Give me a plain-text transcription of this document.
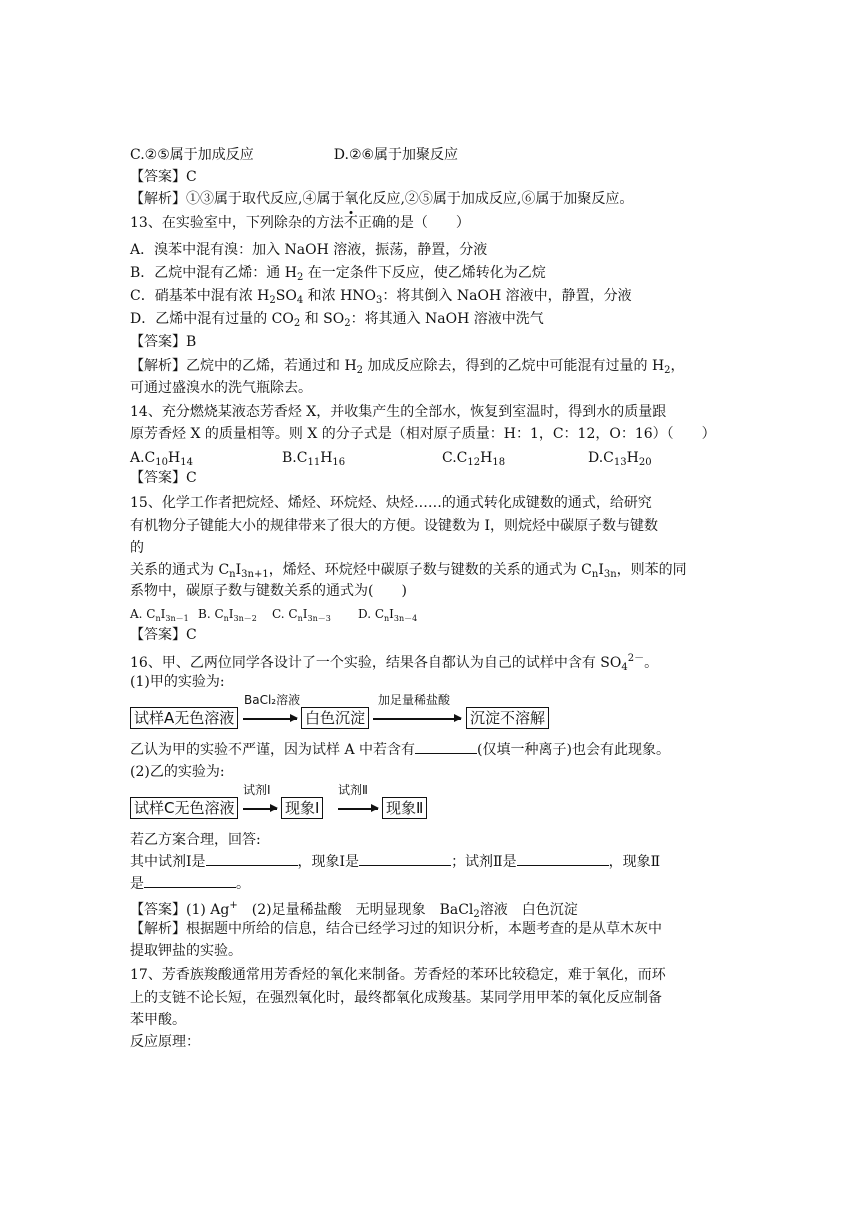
C.②⑤属于加成反应	D.②⑥属于加聚反应
【答案】C
【解析】①③属于取代反应,④属于氧化反应,②⑤属于加成反应,⑥属于加聚反应。
13、在实验室中，下列除杂的方法不正确的是（　　）
A．溴苯中混有溴：加入 NaOH 溶液，振荡，静置，分液
B．乙烷中混有乙烯：通 $H_2$ 在一定条件下反应，使乙烯转化为乙烷
C．硝基苯中混有浓 $H_2SO_4$ 和浓 $HNO_3$：将其倒入 NaOH 溶液中，静置，分液
D．乙烯中混有过量的 $CO_2$ 和 $SO_2$：将其通入 NaOH 溶液中洗气
【答案】B
【解析】乙烷中的乙烯，若通过和 $H_2$ 加成反应除去，得到的乙烷中可能混有过量的 $H_2$，
可通过盛溴水的洗气瓶除去。
14、充分燃烧某液态芳香烃 X，并收集产生的全部水，恢复到室温时，得到水的质量跟
原芳香烃 X 的质量相等。则 X 的分子式是（相对原子质量：H：1，C：12，O：16）（　　）
$A.C_{10}H_{14}$	$B.C_{11}H_{16}$	$C.C_{12}H_{18}$	$D.C_{13}H_{20}$
【答案】C
15、化学工作者把烷烃、烯烃、环烷烃、炔烃……的通式转化成键数的通式，给研究
有机物分子键能大小的规律带来了很大的方便。设键数为 I，则烷烃中碳原子数与键数
的
关系的通式为 $C_nI_{3n+1}$，烯烃、环烷烃中碳原子数与键数的关系的通式为 $C_nI_{3n}$，则苯的同
系物中，碳原子数与键数关系的通式为(　　)
A. $C_nI_{3n-1}$ B. $C_nI_{3n-2}$ C. $C_nI_{3n-3}$ D. $C_nI_{3n-4}$
【答案】C
16、甲、乙两位同学各设计了一个实验，结果各自都认为自己的试样中含有 $SO_4^{2-}$。
(1)甲的实验为:
试样A无色溶液
BaCl₂溶液
白色沉淀
加足量稀盐酸
沉淀不溶解
乙认为甲的实验不严谨，因为试样 A 中若含有	(仅填一种离子)也会有此现象。
(2)乙的实验为:
试样C无色溶液
试剂Ⅰ
现象Ⅰ
试剂Ⅱ
现象Ⅱ
若乙方案合理，回答:
其中试剂Ⅰ是	，现象Ⅰ是	；试剂Ⅱ是	，现象Ⅱ
是	。
【答案】(1) Ag+　(2)足量稀盐酸　无明显现象　BaCl$_2$溶液　白色沉淀
【解析】根据题中所给的信息，结合已经学习过的知识分析，本题考查的是从草木灰中
提取钾盐的实验。
17、芳香族羧酸通常用芳香烃的氧化来制备。芳香烃的苯环比较稳定，难于氧化，而环
上的支链不论长短，在强烈氧化时，最终都氧化成羧基。某同学用甲苯的氧化反应制备
苯甲酸。
反应原理：
